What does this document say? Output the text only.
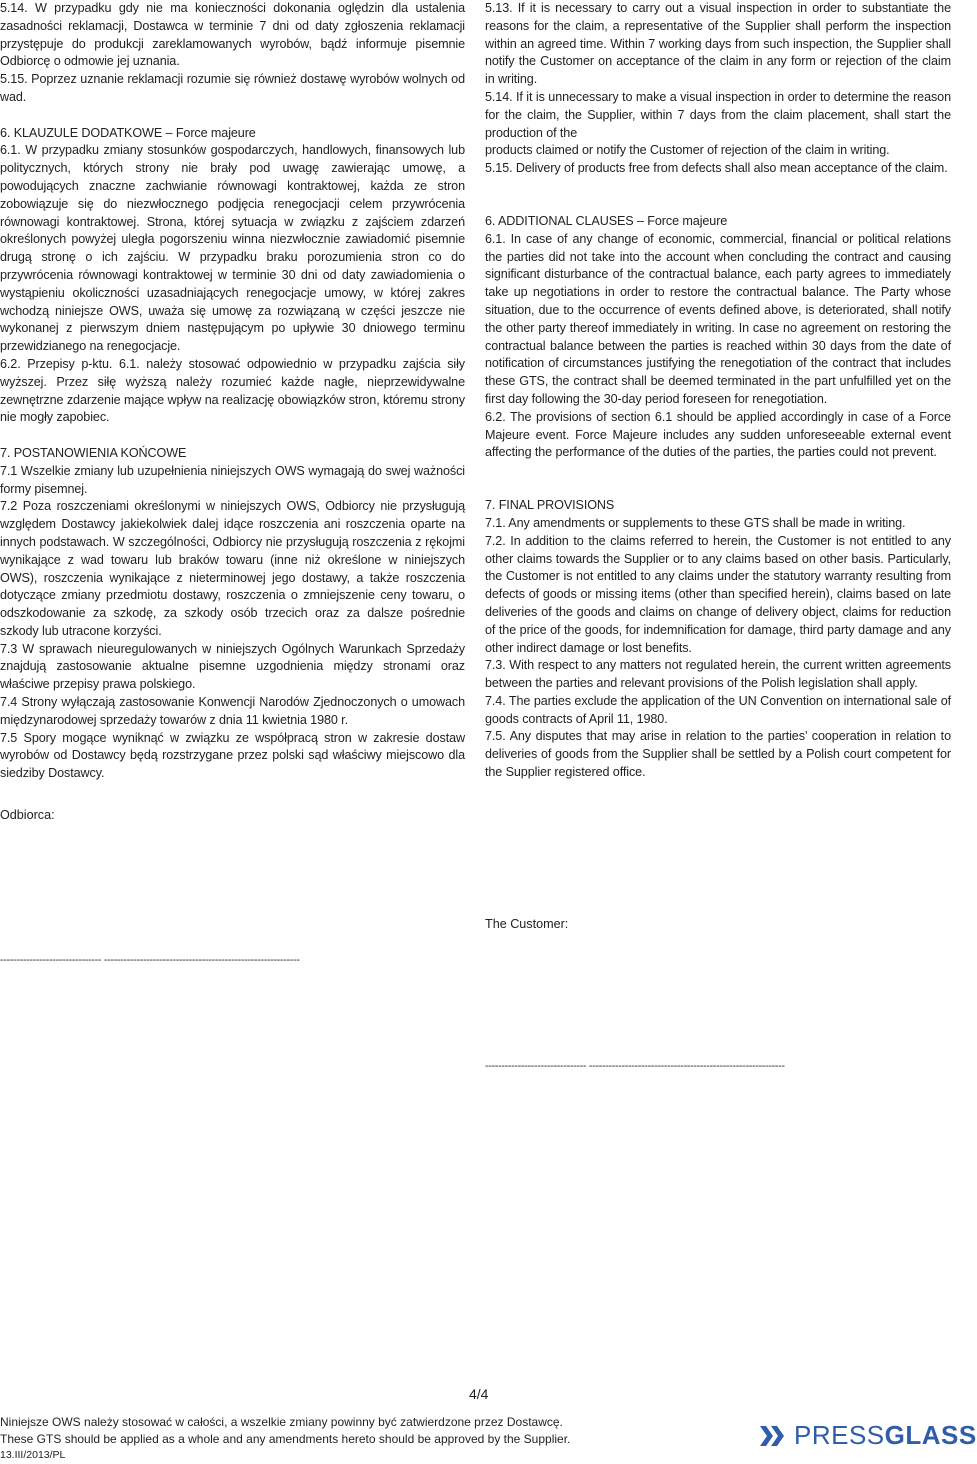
5.14. W przypadku gdy nie ma konieczności dokonania oględzin dla ustalenia zasadności reklamacji, Dostawca w terminie 7 dni od daty zgłoszenia reklamacji przystępuje do produkcji zareklamowanych wyrobów, bądź informuje pisemnie Odbiorcę o odmowie jej uznania.

5.15. Poprzez uznanie reklamacji rozumie się również dostawę wyrobów wolnych od wad.

6. KLAUZULE DODATKOWE – Force majeure

6.1. W przypadku zmiany stosunków gospodarczych, handlowych, finansowych lub politycznych, których strony nie brały pod uwagę zawierając umowę, a powodujących znaczne zachwianie równowagi kontraktowej, każda ze stron zobowiązuje się do niezwłocznego podjęcia renegocjacji celem przywrócenia równowagi kontraktowej. Strona, której sytuacja w związku z zajściem zdarzeń określonych powyżej uległa pogorszeniu winna niezwłocznie zawiadomić pisemnie drugą stronę o ich zajściu. W przypadku braku porozumienia stron co do przywrócenia równowagi kontraktowej w terminie 30 dni od daty zawiadomienia o wystąpieniu okoliczności uzasadniających renegocjacje umowy, w której zakres wchodzą niniejsze OWS, uważa się umowę za rozwiązaną w części jeszcze nie wykonanej z pierwszym dniem następującym po upływie 30 dniowego terminu przewidzianego na renegocjacje.

6.2. Przepisy p-ktu. 6.1. należy stosować odpowiednio w przypadku zajścia siły wyższej. Przez siłę wyższą należy rozumieć każde nagłe, nieprzewidywalne zewnętrzne zdarzenie mające wpływ na realizację obowiązków stron, któremu strony nie mogły zapobiec.

7. POSTANOWIENIA KOŃCOWE

7.1 Wszelkie zmiany lub uzupełnienia niniejszych OWS wymagają do swej ważności formy pisemnej.

7.2 Poza roszczeniami określonymi w niniejszych OWS, Odbiorcy nie przysługują względem Dostawcy jakiekolwiek dalej idące roszczenia ani roszczenia oparte na innych podstawach. W szczególności, Odbiorcy nie przysługują roszczenia z rękojmi wynikające z wad towaru lub braków towaru (inne niż określone w niniejszych OWS), roszczenia wynikające z nieterminowej jego dostawy, a także roszczenia dotyczące zmiany przedmiotu dostawy, roszczenia o zmniejszenie ceny towaru, o odszkodowanie za szkodę, za szkody osób trzecich oraz za dalsze pośrednie szkody lub utracone korzyści.

7.3 W sprawach nieuregulowanych w niniejszych Ogólnych Warunkach Sprzedaży znajdują zastosowanie aktualne pisemne uzgodnienia między stronami oraz właściwe przepisy prawa polskiego.

7.4 Strony wyłączają zastosowanie Konwencji Narodów Zjednoczonych o umowach międzynarodowej sprzedaży towarów z dnia 11 kwietnia 1980 r.

7.5 Spory mogące wyniknąć w związku ze współpracą stron w zakresie dostaw wyrobów od Dostawcy będą rozstrzygane przez polski sąd właściwy miejscowo dla siedziby Dostawcy.

Odbiorca:

------------------------------- ------------------------------------------------------------

5.13. If it is necessary to carry out a visual inspection in order to substantiate the reasons for the claim, a representative of the Supplier shall perform the inspection within an agreed time. Within 7 working days from such inspection, the Supplier shall notify the Customer on acceptance of the claim in any form or rejection of the claim in writing.

5.14. If it is unnecessary to make a visual inspection in order to determine the reason for the claim, the Supplier, within 7 days from the claim placement, shall start the production of the

products claimed or notify the Customer of rejection of the claim in writing.

5.15. Delivery of products free from defects shall also mean acceptance of the claim.

6. ADDITIONAL CLAUSES – Force majeure

6.1. In case of any change of economic, commercial, financial or political relations the parties did not take into the account when concluding the contract and causing significant disturbance of the contractual balance, each party agrees to immediately take up negotiations in order to restore the contractual balance. The Party whose situation, due to the occurrence of events defined above, is deteriorated, shall notify the other party thereof immediately in writing. In case no agreement on restoring the contractual balance between the parties is reached within 30 days from the date of notification of circumstances justifying the renegotiation of the contract that includes these GTS, the contract shall be deemed terminated in the part unfulfilled yet on the first day following the 30-day period foreseen for renegotiation.

6.2. The provisions of section 6.1 should be applied accordingly in case of a Force Majeure event. Force Majeure includes any sudden unforeseeable external event affecting the performance of the duties of the parties, the parties could not prevent.

7. FINAL PROVISIONS

7.1. Any amendments or supplements to these GTS shall be made in writing.

7.2. In addition to the claims referred to herein, the Customer is not entitled to any other claims towards the Supplier or to any claims based on other basis. Particularly, the Customer is not entitled to any claims under the statutory warranty resulting from defects of goods or missing items (other than specified herein), claims based on late deliveries of the goods and claims on change of delivery object, claims for reduction of the price of the goods, for indemnification for damage, third party damage and any other indirect damage or lost benefits.

7.3. With respect to any matters not regulated herein, the current written agreements between the parties and relevant provisions of the Polish legislation shall apply.

7.4. The parties exclude the application of the UN Convention on international sale of goods contracts of April 11, 1980.

7.5. Any disputes that may arise in relation to the parties’ cooperation in relation to deliveries of goods from the Supplier shall be settled by a Polish court competent for the Supplier registered office.

The Customer:

------------------------------- ------------------------------------------------------------
4/4
Niniejsze OWS należy stosować w całości, a wszelkie zmiany powinny być zatwierdzone przez Dostawcę.
These GTS should be applied as a whole and any amendments hereto should be approved by the Supplier.
13.III/2013/PL
PRESSGLASS
